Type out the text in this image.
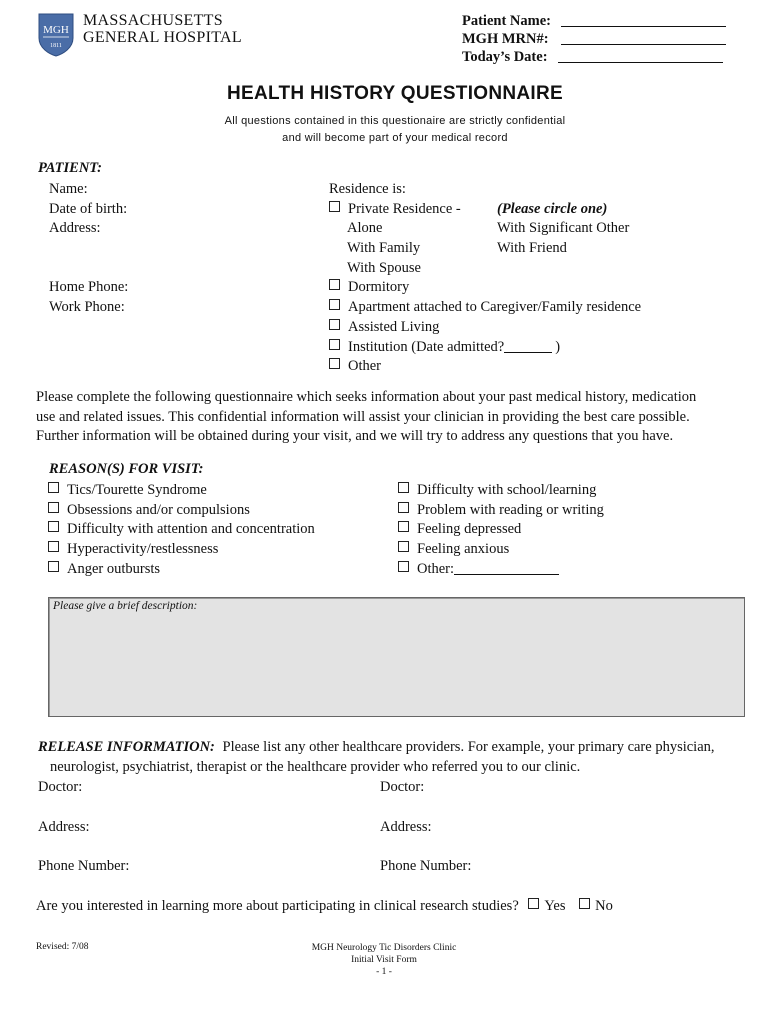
MGH
1811
MASSACHUSETTS
GENERAL HOSPITAL
Patient Name:
MGH MRN#:
Today’s Date:
HEALTH HISTORY QUESTIONNAIRE
All questions contained in this questionaire are strictly confidential
and will become part of your medical record
PATIENT:
Name:
Date of birth:
Address:
Home Phone:
Work Phone:
Residence is:
Private Residence -
Alone
With Family
With Spouse
Dormitory
Apartment attached to Caregiver/Family residence
Assisted Living
Institution (Date admitted?	)
Other
(Please circle one)
With Significant Other
With Friend
Please complete the following questionnaire which seeks information about your past medical history, medication
use and related issues. This confidential information will assist your clinician in providing the best care possible.
Further information will be obtained during your visit, and we will try to address any questions that you have.
REASON(S) FOR VISIT:
Tics/Tourette Syndrome
Obsessions and/or compulsions
Difficulty with attention and concentration
Hyperactivity/restlessness
Anger outbursts
Difficulty with school/learning
Problem with reading or writing
Feeling depressed
Feeling anxious
Other:
Please give a brief description:
RELEASE INFORMATION: Please list any other healthcare providers. For example, your primary care physician,
neurologist, psychiatrist, therapist or the healthcare provider who referred you to our clinic.
Doctor:
Address:
Phone Number:
Doctor:
Address:
Phone Number:
Are you interested in learning more about participating in clinical research studies? Yes No
Revised: 7/08	MGH Neurology Tic Disorders Clinic
Initial Visit Form
- 1 -
